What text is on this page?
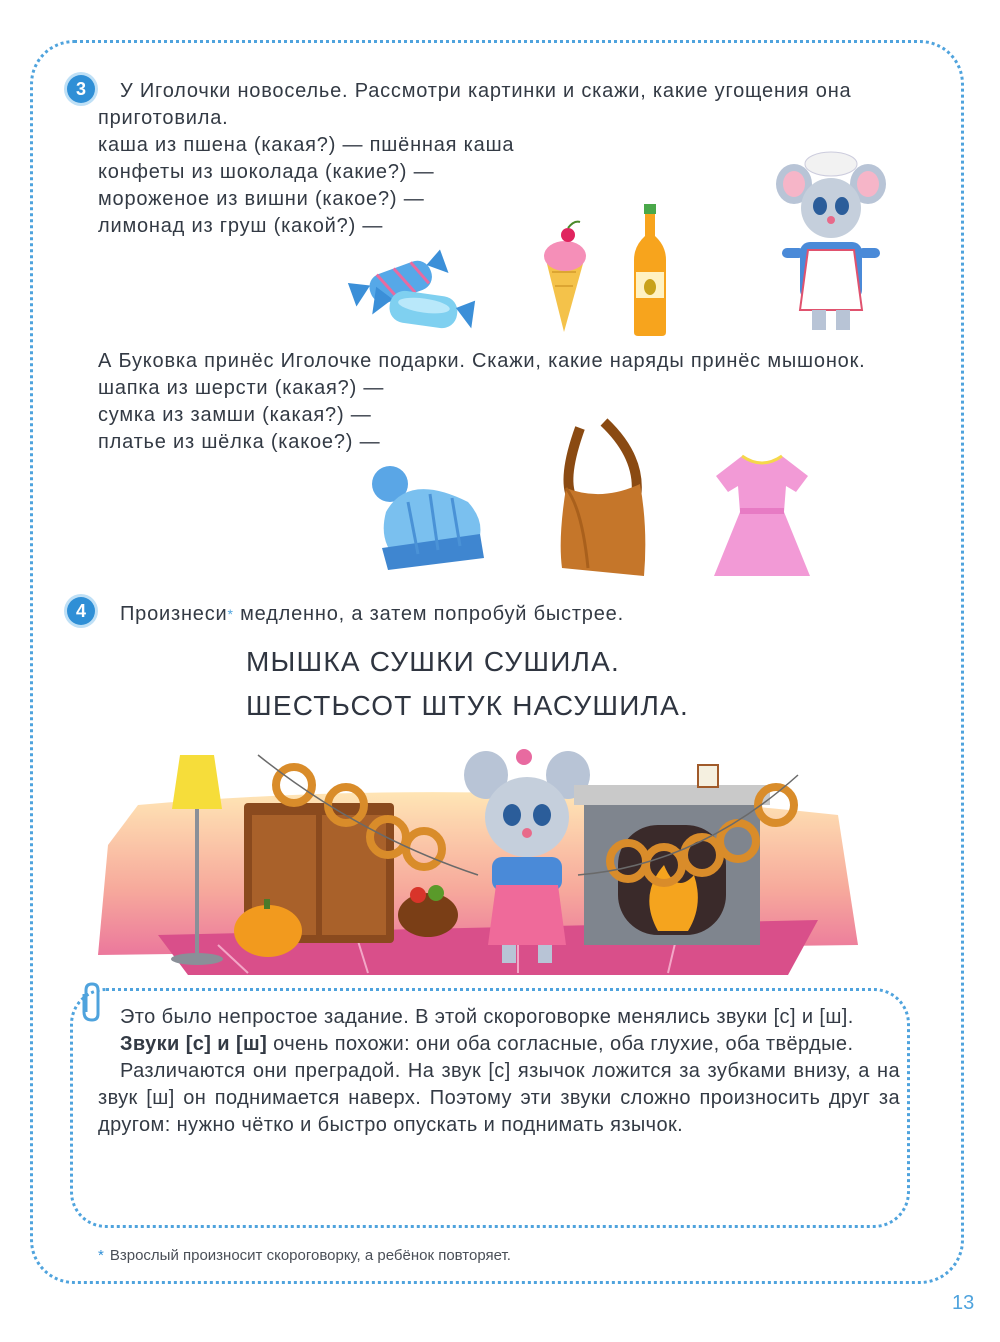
3	У Иголочки новоселье. Рассмотри картинки и скажи, какие угощения она
приготовила.
каша из пшена (какая?) — пшённая каша
конфеты из шоколада (какие?) —
мороженое из вишни (какое?) —
лимонад из груш (какой?) —
А Буковка принёс Иголочке подарки. Скажи, какие наряды принёс мышонок.
шапка из шерсти (какая?) —
сумка из замши (какая?) —
платье из шёлка (какое?) —
4	Произнеси* медленно, а затем попробуй быстрее.
МЫШКА СУШКИ СУШИЛА.
ШЕСТЬСОТ ШТУК НАСУШИЛА.

Это было непростое задание. В этой скороговорке менялись звуки [с] и [ш].

Звуки [с] и [ш] очень похожи: они оба согласные, оба глухие, оба твёрдые.

Различаются они преградой. На звук [с] язычок ложится за зубками внизу, а на звук [ш] он поднимается наверх. Поэтому эти звуки сложно произносить друг за другом: нужно чётко и быстро опускать и поднимать язычок.

* Взрослый произносит скороговорку, а ребёнок повторяет.
13
